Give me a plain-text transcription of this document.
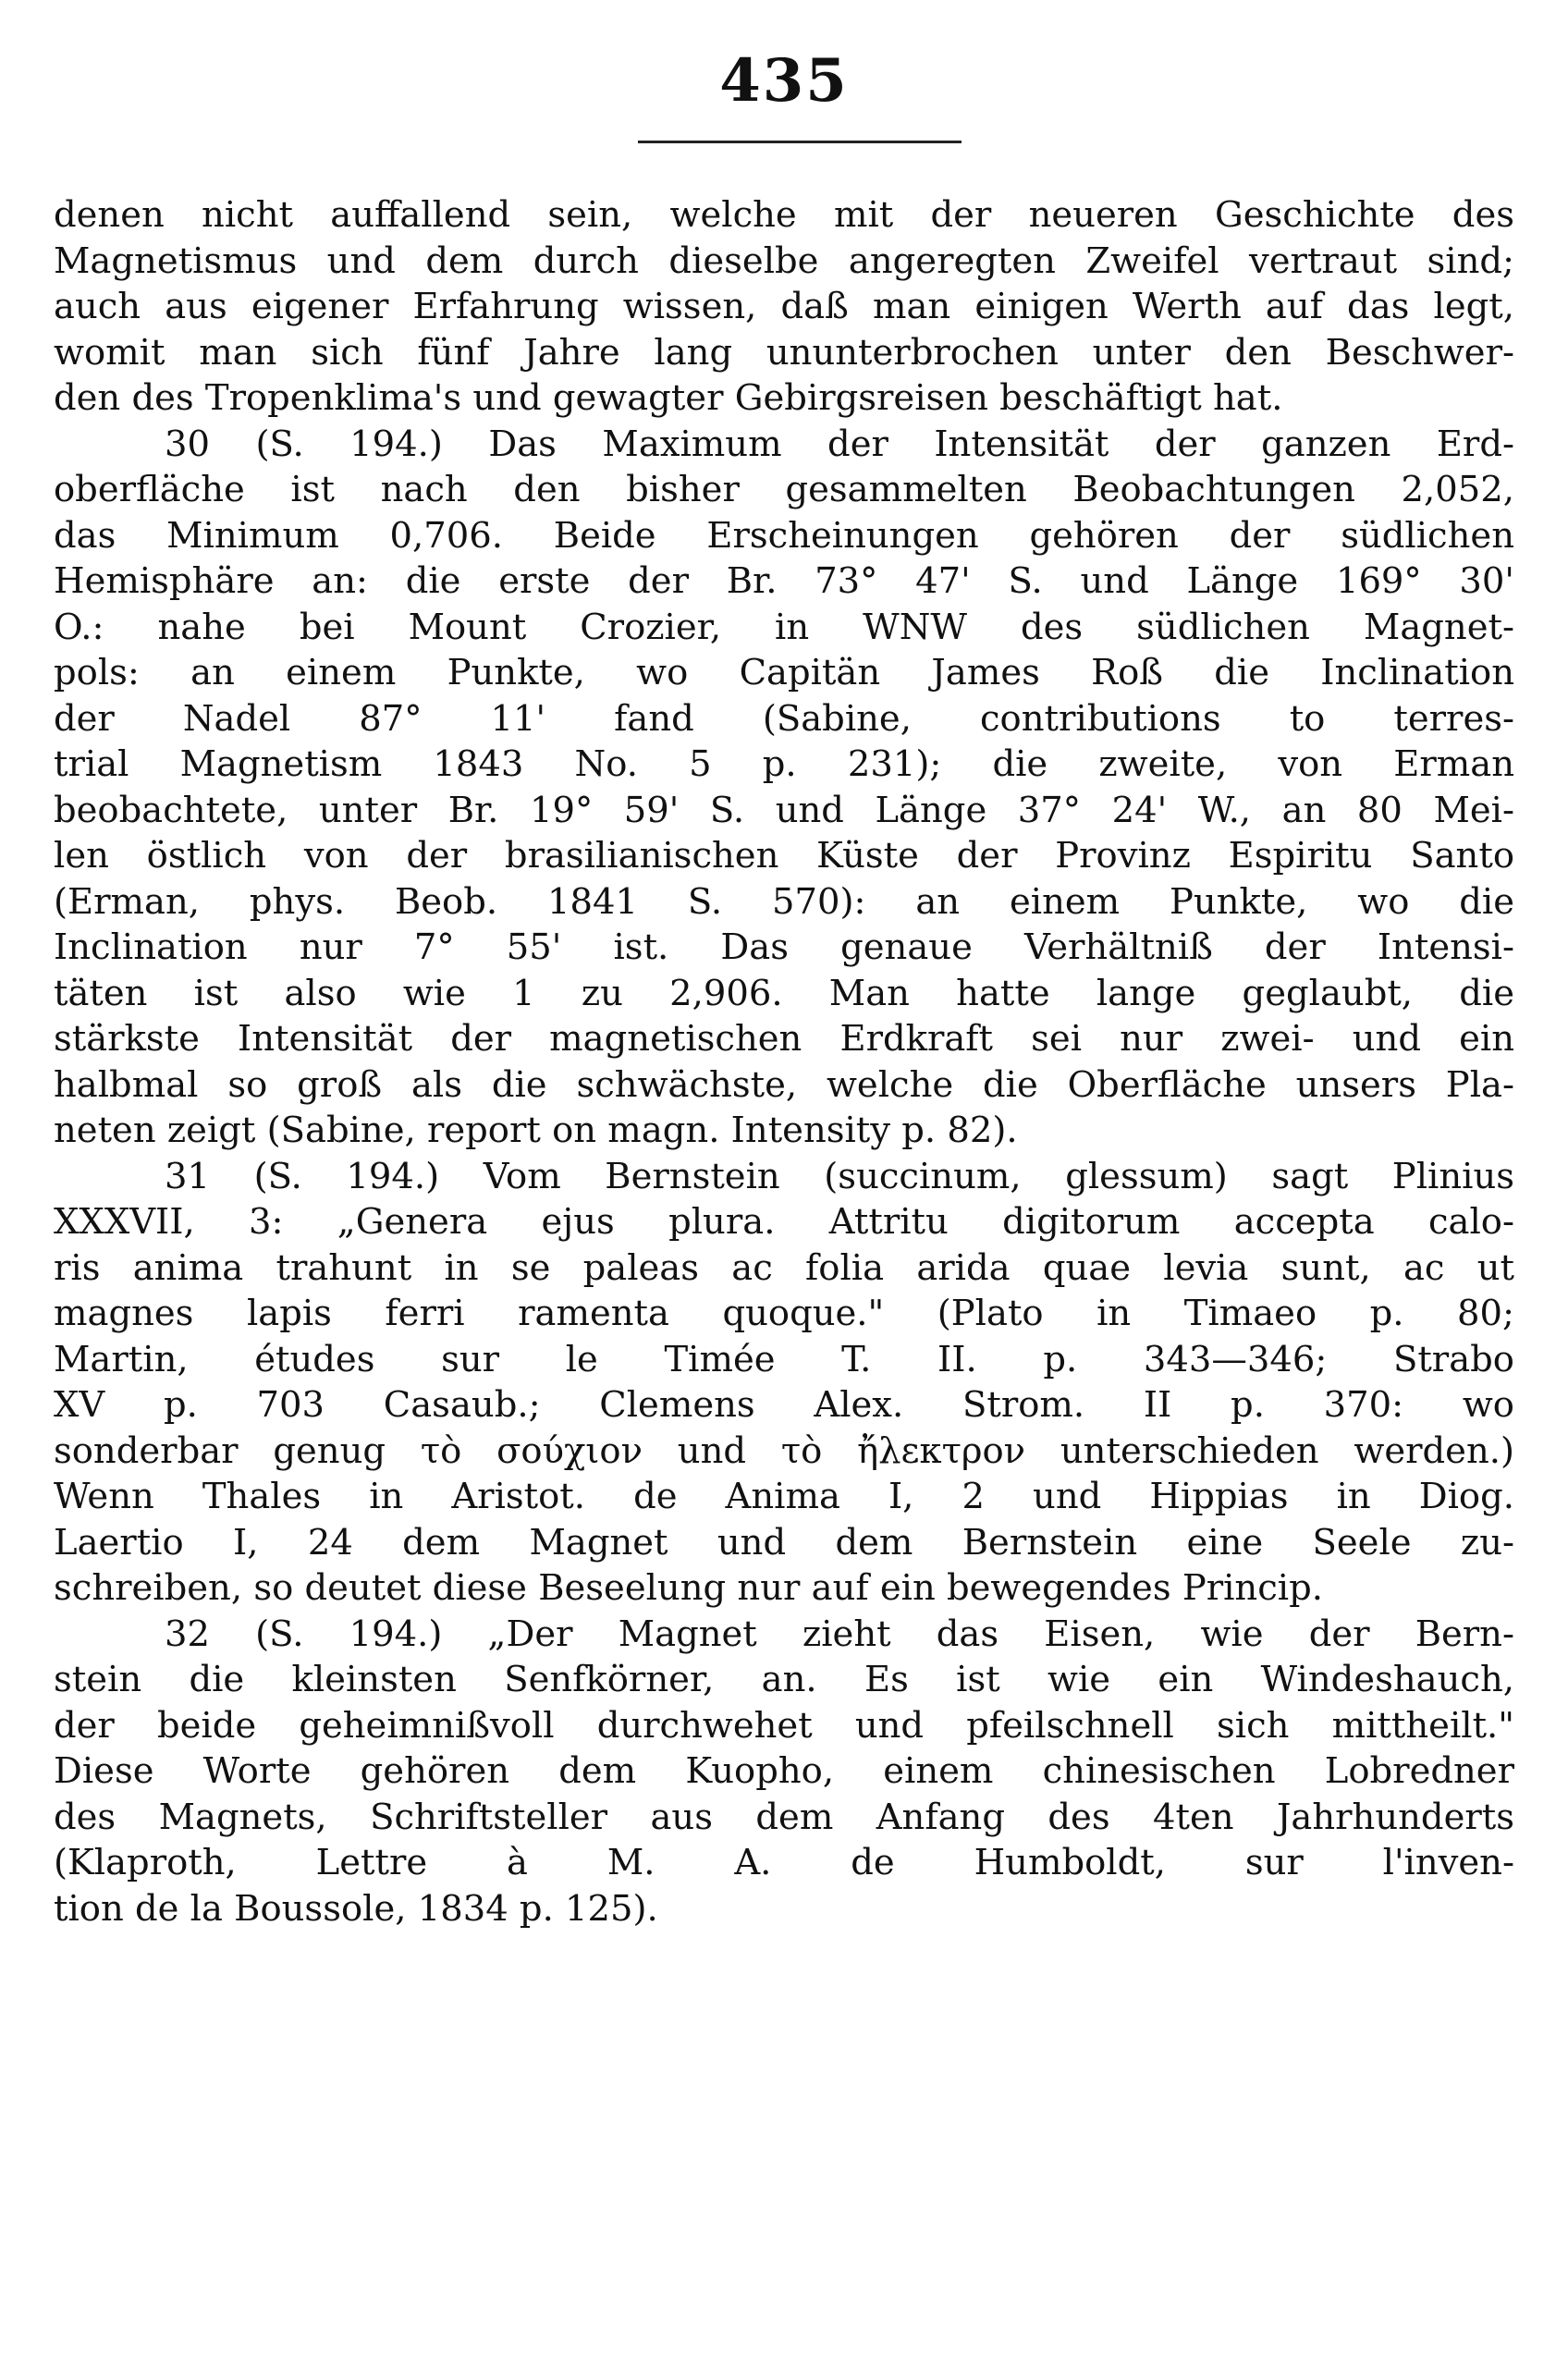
435
denen nicht auffallend sein, welche mit der neueren Geschichte des
Magnetismus und dem durch dieselbe angeregten Zweifel vertraut sind;
auch aus eigener Erfahrung wissen, daß man einigen Werth auf das legt,
womit man sich fünf Jahre lang ununterbrochen unter den Beschwer-
den des Tropenklima's und gewagter Gebirgsreisen beschäftigt hat.
30 (S. 194.) Das Maximum der Intensität der ganzen Erd-
oberfläche ist nach den bisher gesammelten Beobachtungen 2,052,
das Minimum 0,706. Beide Erscheinungen gehören der südlichen
Hemisphäre an: die erste der Br. 73° 47' S. und Länge 169° 30'
O.: nahe bei Mount Crozier, in WNW des südlichen Magnet-
pols: an einem Punkte, wo Capitän James Roß die Inclination
der Nadel 87° 11' fand (Sabine, contributions to terres-
trial Magnetism 1843 No. 5 p. 231); die zweite, von Erman
beobachtete, unter Br. 19° 59' S. und Länge 37° 24' W., an 80 Mei-
len östlich von der brasilianischen Küste der Provinz Espiritu Santo
(Erman, phys. Beob. 1841 S. 570): an einem Punkte, wo die
Inclination nur 7° 55' ist. Das genaue Verhältniß der Intensi-
täten ist also wie 1 zu 2,906. Man hatte lange geglaubt, die
stärkste Intensität der magnetischen Erdkraft sei nur zwei- und ein
halbmal so groß als die schwächste, welche die Oberfläche unsers Pla-
neten zeigt (Sabine, report on magn. Intensity p. 82).
31 (S. 194.) Vom Bernstein (succinum, glessum) sagt Plinius
XXXVII, 3: „Genera ejus plura. Attritu digitorum accepta calo-
ris anima trahunt in se paleas ac folia arida quae levia sunt, ac ut
magnes lapis ferri ramenta quoque." (Plato in Timaeo p. 80;
Martin, études sur le Timée T. II. p. 343—346; Strabo
XV p. 703 Casaub.; Clemens Alex. Strom. II p. 370: wo
sonderbar genug τὸ σούχιον und τὸ ἤλεκτρον unterschieden werden.)
Wenn Thales in Aristot. de Anima I, 2 und Hippias in Diog.
Laertio I, 24 dem Magnet und dem Bernstein eine Seele zu-
schreiben, so deutet diese Beseelung nur auf ein bewegendes Princip.
32 (S. 194.) „Der Magnet zieht das Eisen, wie der Bern-
stein die kleinsten Senfkörner, an. Es ist wie ein Windeshauch,
der beide geheimnißvoll durchwehet und pfeilschnell sich mittheilt."
Diese Worte gehören dem Kuopho, einem chinesischen Lobredner
des Magnets, Schriftsteller aus dem Anfang des 4ten Jahrhunderts
(Klaproth, Lettre à M. A. de Humboldt, sur l'inven-
tion de la Boussole, 1834 p. 125).
